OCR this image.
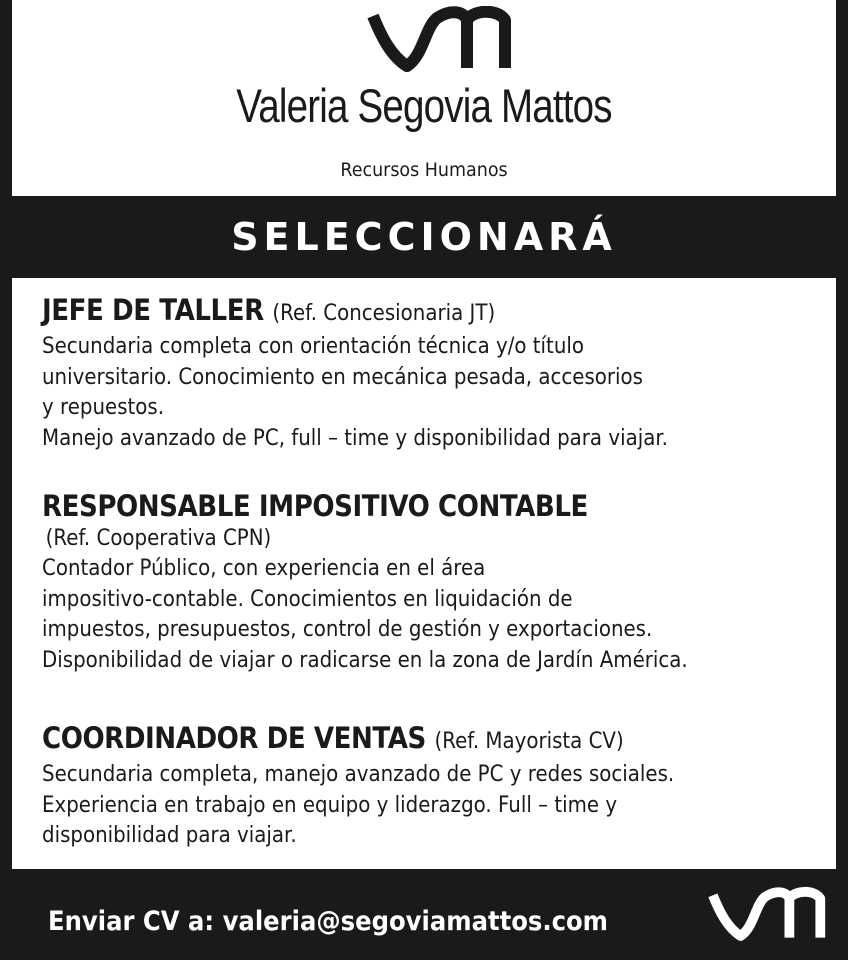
Valeria Segovia Mattos
Recursos Humanos
SELECCIONARÁ
JEFE DE TALLER (Ref. Concesionaria JT)
Secundaria completa con orientación técnica y/o título
universitario. Conocimiento en mecánica pesada, accesorios
y repuestos.
Manejo avanzado de PC, full – time y disponibilidad para viajar.
RESPONSABLE IMPOSITIVO CONTABLE
(Ref. Cooperativa CPN)
Contador Público, con experiencia en el área
impositivo-contable. Conocimientos en liquidación de
impuestos, presupuestos, control de gestión y exportaciones.
Disponibilidad de viajar o radicarse en la zona de Jardín América.
COORDINADOR DE VENTAS (Ref. Mayorista CV)
Secundaria completa, manejo avanzado de PC y redes sociales.
Experiencia en trabajo en equipo y liderazgo. Full – time y
disponibilidad para viajar.
Enviar CV a: valeria@segoviamattos.com
